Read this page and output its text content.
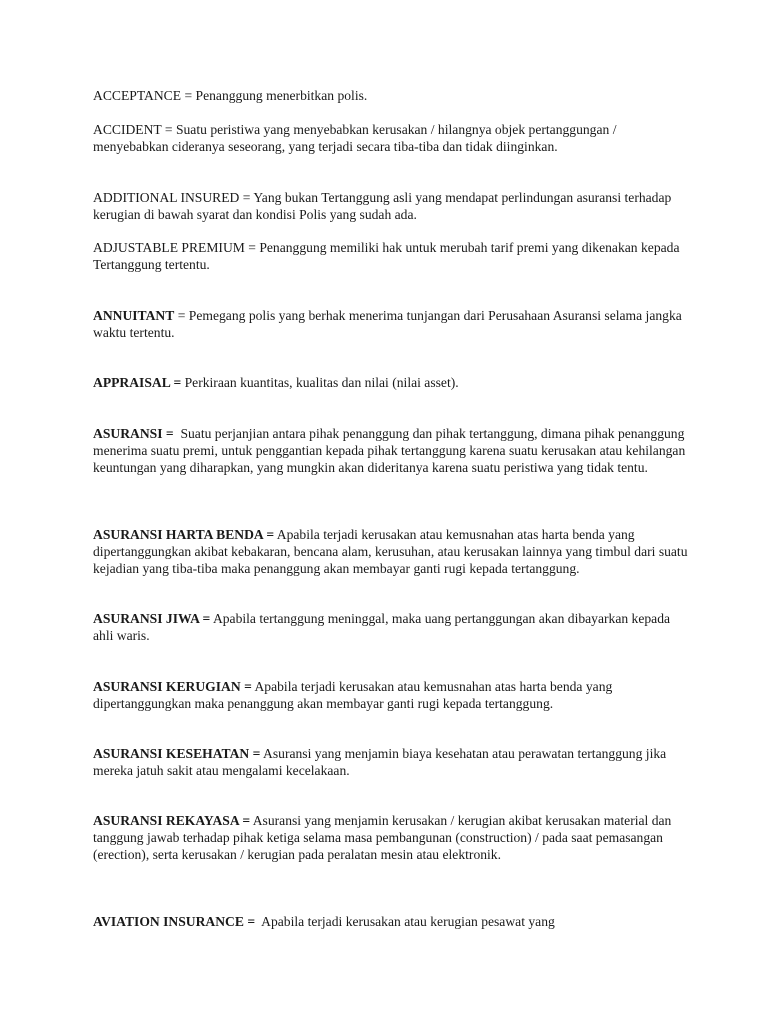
ACCEPTANCE = Penanggung menerbitkan polis.

ACCIDENT = Suatu peristiwa yang menyebabkan kerusakan / hilangnya objek pertanggungan / menyebabkan cideranya seseorang, yang terjadi secara tiba-tiba dan tidak diinginkan.

ADDITIONAL INSURED = Yang bukan Tertanggung asli yang mendapat perlindungan asuransi terhadap kerugian di bawah syarat dan kondisi Polis yang sudah ada.

ADJUSTABLE PREMIUM = Penanggung memiliki hak untuk merubah tarif premi yang dikenakan kepada Tertanggung tertentu.

ANNUITANT = Pemegang polis yang berhak menerima tunjangan dari Perusahaan Asuransi selama jangka waktu tertentu.

APPRAISAL = Perkiraan kuantitas, kualitas dan nilai (nilai asset).

ASURANSI = Suatu perjanjian antara pihak penanggung dan pihak tertanggung, dimana pihak penanggung menerima suatu premi, untuk penggantian kepada pihak tertanggung karena suatu kerusakan atau kehilangan keuntungan yang diharapkan, yang mungkin akan dideritanya karena suatu peristiwa yang tidak tentu.

ASURANSI HARTA BENDA = Apabila terjadi kerusakan atau kemusnahan atas harta benda yang dipertanggungkan akibat kebakaran, bencana alam, kerusuhan, atau kerusakan lainnya yang timbul dari suatu kejadian yang tiba-tiba maka penanggung akan membayar ganti rugi kepada tertanggung.

ASURANSI JIWA = Apabila tertanggung meninggal, maka uang pertanggungan akan dibayarkan kepada ahli waris.

ASURANSI KERUGIAN = Apabila terjadi kerusakan atau kemusnahan atas harta benda yang dipertanggungkan maka penanggung akan membayar ganti rugi kepada tertanggung.

ASURANSI KESEHATAN = Asuransi yang menjamin biaya kesehatan atau perawatan tertanggung jika mereka jatuh sakit atau mengalami kecelakaan.

ASURANSI REKAYASA = Asuransi yang menjamin kerusakan / kerugian akibat kerusakan material dan tanggung jawab terhadap pihak ketiga selama masa pembangunan (construction) / pada saat pemasangan (erection), serta kerusakan / kerugian pada peralatan mesin atau elektronik.

AVIATION INSURANCE = Apabila terjadi kerusakan atau kerugian pesawat yang
